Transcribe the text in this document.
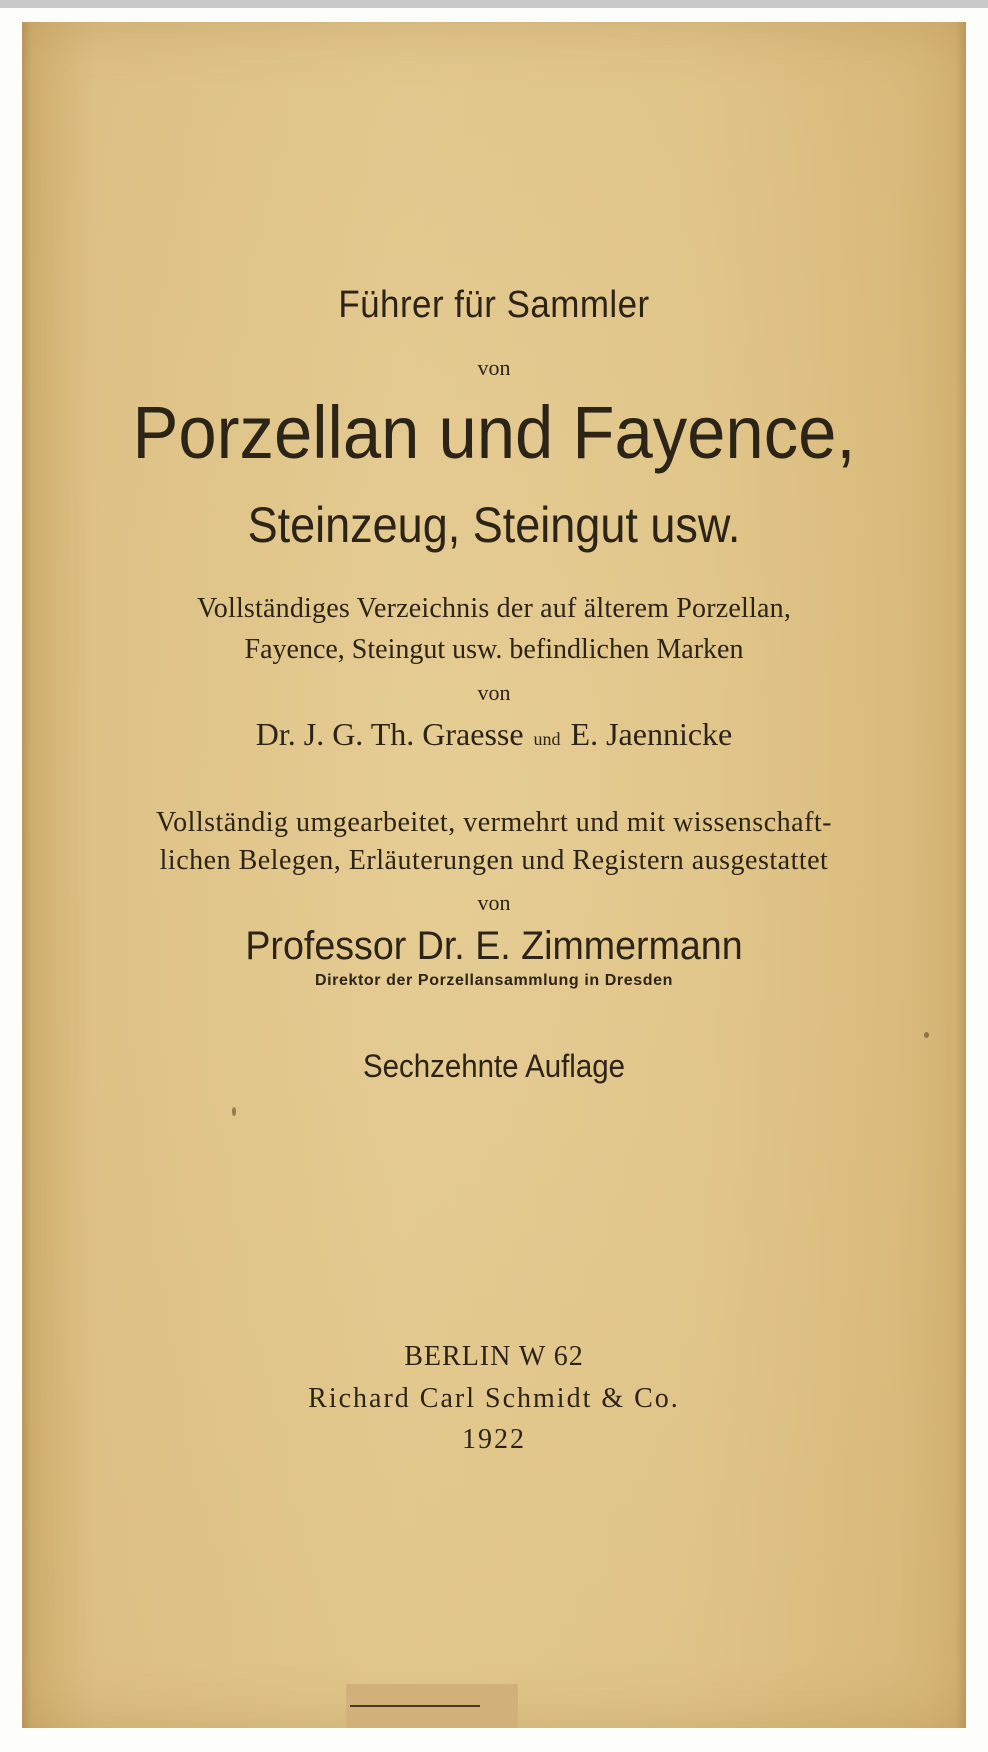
Führer für Sammler

von

Porzellan und Fayence,

Steinzeug, Steingut usw.

Vollständiges Verzeichnis der auf älterem Porzellan,

Fayence, Steingut usw. befindlichen Marken

von

Dr. J. G. Th. Graesse und E. Jaennicke

Vollständig umgearbeitet, vermehrt und mit wissenschaft-

lichen Belegen, Erläuterungen und Registern ausgestattet

von

Professor Dr. E. Zimmermann

Direktor der Porzellansammlung in Dresden

Sechzehnte Auflage

BERLIN W 62

Richard Carl Schmidt & Co.

1922
